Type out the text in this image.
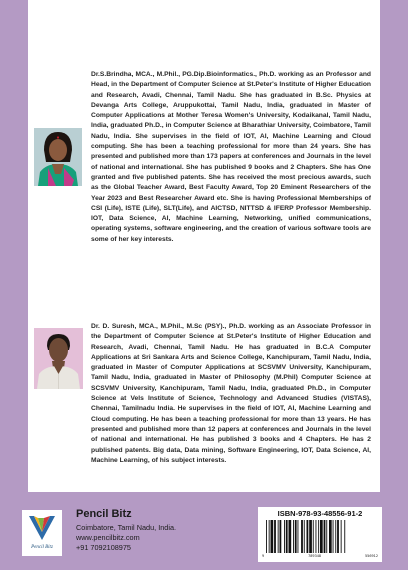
Dr.S.Brindha, MCA., M.Phil., PG.Dip.Bioinformatics., Ph.D. working as an Professor and Head, in the Department of Computer Science at St.Peter's Institute of Higher Education and Research, Avadi, Chennai, Tamil Nadu. She has graduated in B.Sc. Physics at Devanga Arts College, Aruppukottai, Tamil Nadu, India, graduated in Master of Computer Applications at Mother Teresa Women's University, Kodaikanal, Tamil Nadu, India, graduated Ph.D., in Computer Science at Bharathiar University, Coimbatore, Tamil Nadu, India. She supervises in the field of IOT, AI, Machine Learning and Cloud computing. She has been a teaching professional for more than 24 years. She has presented and published more than 173 papers at conferences and Journals in the level of national and international. She has published 9 books and 2 Chapters. She has One granted and five published patents. She has received the most precious awards, such as the Global Teacher Award, Best Faculty Award, Top 20 Eminent Researchers of the Year 2023 and Best Researcher Award etc. She is having Professional Memberships of CSI (Life), ISTE (Life), SLT(Life), and AICTSD, NITTSD & IFERP Professor Membership. IOT, Data Science, AI, Machine Learning, Networking, unified communications, operating systems, software engineering, and the creation of various software tools are some of her key interests.

Dr. D. Suresh, MCA., M.Phil., M.Sc (PSY)., Ph.D. working as an Associate Professor in the Department of Computer Science at St.Peter's Institute of Higher Education and Research, Avadi, Chennai, Tamil Nadu. He has graduated in B.C.A Computer Applications at Sri Sankara Arts and Science College, Kanchipuram, Tamil Nadu, India, graduated in Master of Computer Applications at SCSVMV University, Kanchipuram, Tamil Nadu, India, graduated in Master of Philosophy (M.Phil) Computer Science at SCSVMV University, Kanchipuram, Tamil Nadu, India, graduated Ph.D., in Computer Science at Vels Institute of Science, Technology and Advanced Studies (VISTAS), Chennai, Tamilnadu India. He supervises in the field of IOT, AI, Machine Learning and Cloud computing. He has been a teaching professional for more than 13 years. He has presented and published more than 12 papers at conferences and Journals in the level of national and international. He has published 3 books and 4 Chapters. He has 2 published patents. Big data, Data mining, Software Engineering, IOT, Data Science, AI, Machine Learning, of his subject interests.

Pencil Bitz

Pencil Bitz

Coimbatore, Tamil Nadu, India.

www.pencilbitz.com

+91 7092108975

ISBN-978-93-48556-91-2
9	789348	556912
